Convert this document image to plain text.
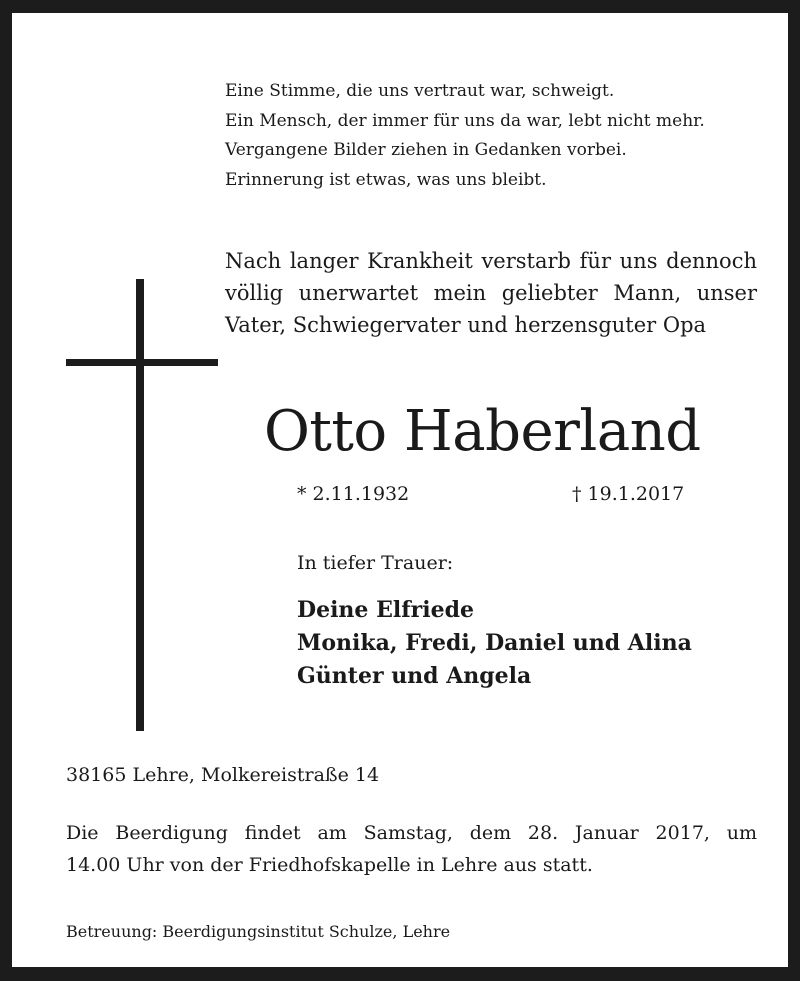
Eine Stimme, die uns vertraut war, schweigt.
Ein Mensch, der immer für uns da war, lebt nicht mehr.
Vergangene Bilder ziehen in Gedanken vorbei.
Erinnerung ist etwas, was uns bleibt.
Nach langer Krankheit verstarb für uns dennoch
völlig unerwartet mein geliebter Mann, unser
Vater, Schwiegervater und herzensguter Opa
Otto Haberland
* 2.11.1932	† 19.1.2017
In tiefer Trauer:
Deine Elfriede
Monika, Fredi, Daniel und Alina
Günter und Angela
38165 Lehre, Molkereistraße 14
Die Beerdigung findet am Samstag, dem 28. Januar 2017, um
14.00 Uhr von der Friedhofskapelle in Lehre aus statt.
Betreuung: Beerdigungsinstitut Schulze, Lehre
